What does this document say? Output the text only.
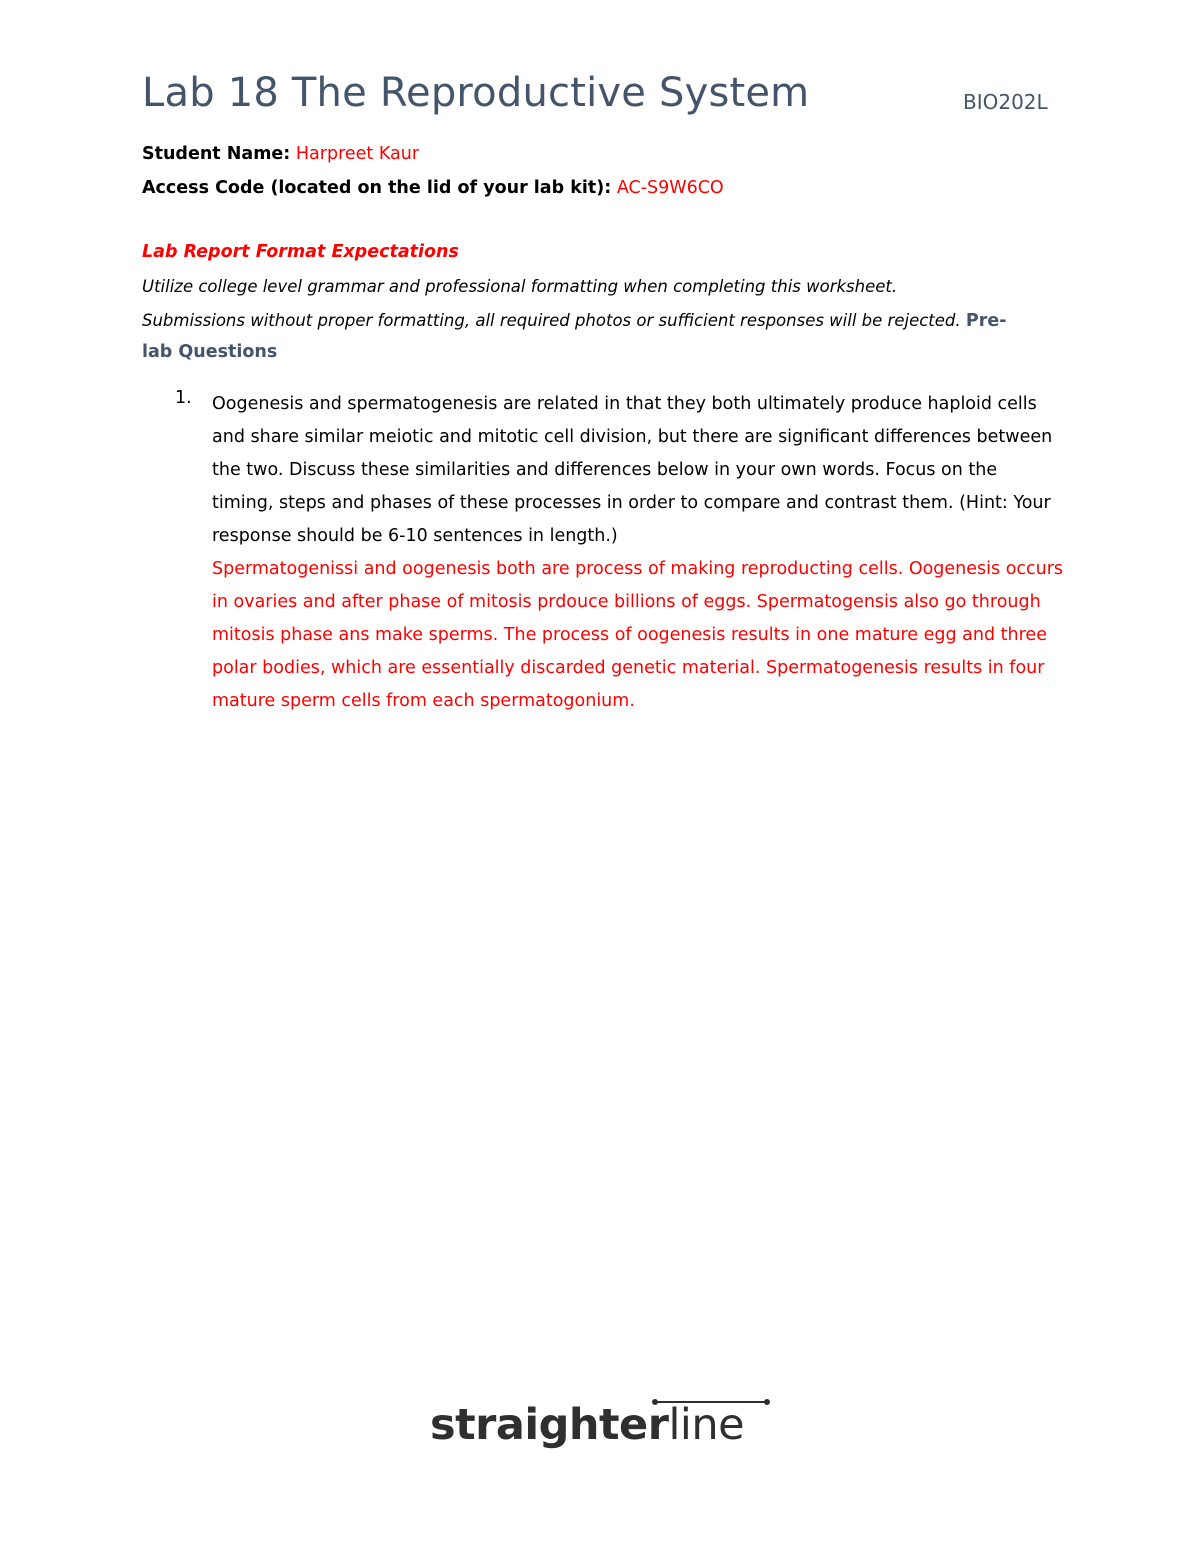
Lab 18 The Reproductive System	BIO202L
Student Name: Harpreet Kaur
Access Code (located on the lid of your lab kit): AC-S9W6CO
Lab Report Format Expectations
Utilize college level grammar and professional formatting when completing this worksheet.
Submissions without proper formatting, all required photos or sufficient responses will be rejected. Pre-
lab Questions
1. Oogenesis and spermatogenesis are related in that they both ultimately produce haploid cells
and share similar meiotic and mitotic cell division, but there are significant differences between
the two. Discuss these similarities and differences below in your own words. Focus on the
timing, steps and phases of these processes in order to compare and contrast them. (Hint: Your
response should be 6-10 sentences in length.)
Spermatogenissi and oogenesis both are process of making reproducting cells. Oogenesis occurs
in ovaries and after phase of mitosis prdouce billions of eggs. Spermatogensis also go through
mitosis phase ans make sperms. The process of oogenesis results in one mature egg and three
polar bodies, which are essentially discarded genetic material. Spermatogenesis results in four
mature sperm cells from each spermatogonium.
straighterline
